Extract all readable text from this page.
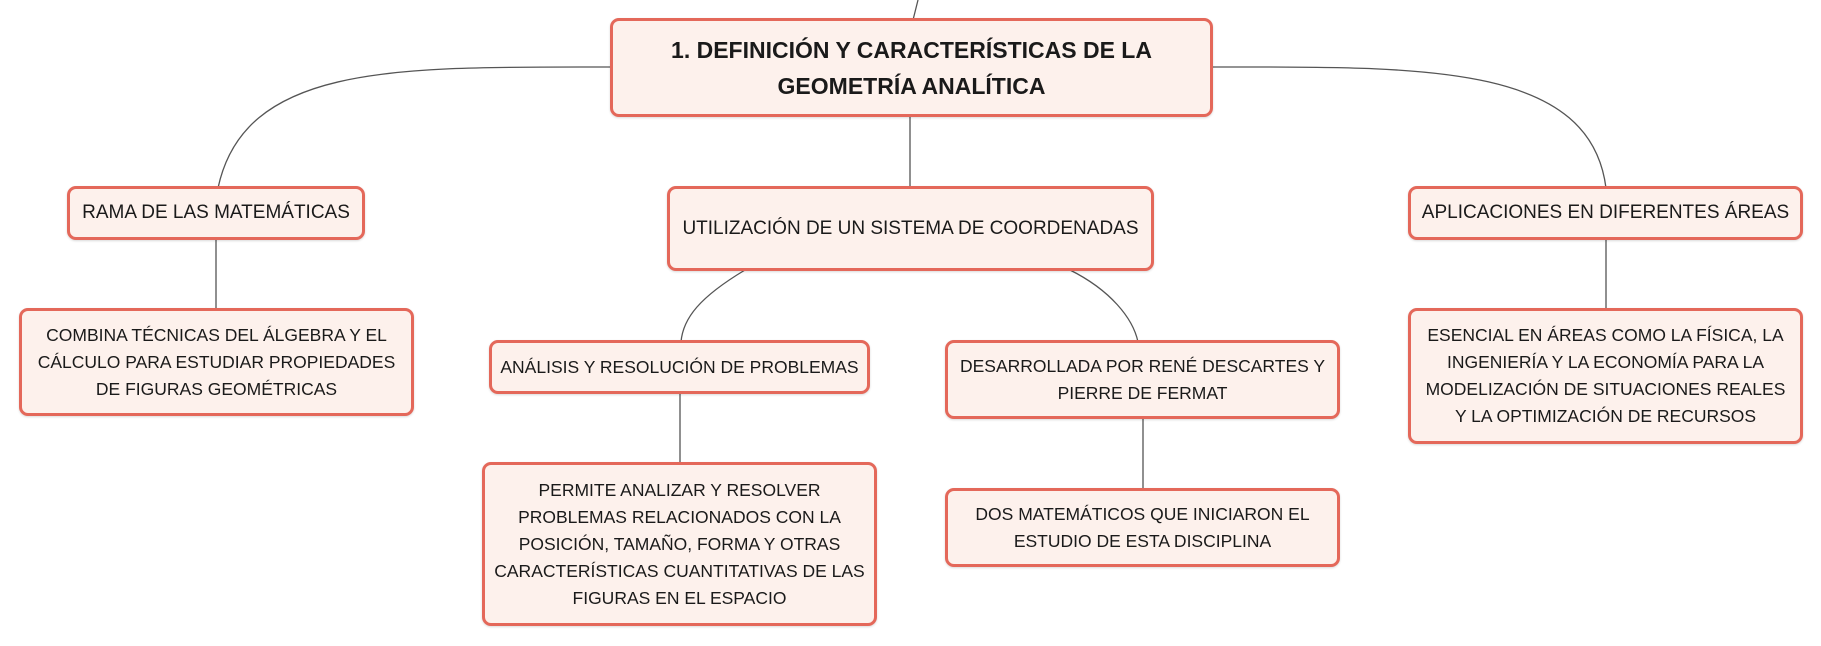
1. DEFINICIÓN Y CARACTERÍSTICAS DE LA GEOMETRÍA ANALÍTICA
RAMA DE LAS MATEMÁTICAS
UTILIZACIÓN DE UN SISTEMA DE COORDENADAS
APLICACIONES EN DIFERENTES ÁREAS
COMBINA TÉCNICAS DEL ÁLGEBRA Y EL CÁLCULO PARA ESTUDIAR PROPIEDADES DE FIGURAS GEOMÉTRICAS
ANÁLISIS Y RESOLUCIÓN DE PROBLEMAS	DESARROLLADA POR RENÉ DESCARTES Y PIERRE DE FERMAT
ESENCIAL EN ÁREAS COMO LA FÍSICA, LA INGENIERÍA Y LA ECONOMÍA PARA LA MODELIZACIÓN DE SITUACIONES REALES Y LA OPTIMIZACIÓN DE RECURSOS
PERMITE ANALIZAR Y RESOLVER PROBLEMAS RELACIONADOS CON LA POSICIÓN, TAMAÑO, FORMA Y OTRAS CARACTERÍSTICAS CUANTITATIVAS DE LAS FIGURAS EN EL ESPACIO
DOS MATEMÁTICOS QUE INICIARON EL ESTUDIO DE ESTA DISCIPLINA
